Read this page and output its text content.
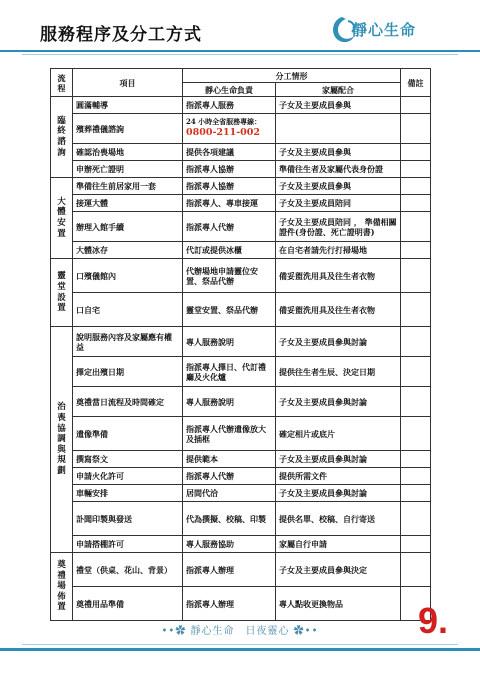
服務程序及分工方式	靜心生命
流程	項目	分工情形		備註
		靜心生命負責	家屬配合	
臨終諮詢	圓滿輔導	指派專人服務	子女及主要成員參與	
	殯葬禮儀諮詢	24 小時全省服務專線：
0800-211-002		

	確認治喪場地	提供各項建議	子女及主要成員參與	
	申辦死亡證明	指派專人協辦	準備往生者及家屬代表身份證	
大體安置	準備往生前居家用一套	指派專人協辦	子女及主要成員參與	
	接運大體	指派專人、專車接運	子女及主要成員陪同	
	辦理入館手續	指派專人代辦	子女及主要成員陪同 ， 準備相關證件(身份證、死亡證明書)	
	大體冰存	代訂或提供冰櫃	在自宅者請先行打掃場地	
靈堂設置	口殯儀館內	代辦場地申請靈位安置、祭品代辦	備妥盥洗用具及往生者衣物	
	口自宅	靈堂安置、祭品代辦	備妥盥洗用具及往生者衣物	
治喪協調與規劃	說明服務內容及家屬應有權益	專人服務說明	子女及主要成員參與討論	
	擇定出殯日期	指派專人擇日、代訂禮廳及火化爐	提供往生者生辰、決定日期	
	奠禮當日流程及時間確定	專人服務說明	子女及主要成員參與討論	
	遺像準備	指派專人代辦遺像放大及插框	確定相片或底片	
	撰寫祭文	提供範本	子女及主要成員參與討論	
	申請火化許可	指派專人代辦	提供所需文件	
	車輛安排	居間代洽	子女及主要成員參與討論	
	訃聞印製與發送	代為撰擬、校稿、印製	提供名單、校稿、自行寄送	
	申請搭棚許可	專人服務協助	家屬自行申請	
奠禮場佈置	禮堂（供桌、花山、背景）	指派專人辦理	子女及主要成員參與決定	
	奠禮用品準備	指派專人辦理	專人點收更換物品	9.
••✿ 靜心生命　日夜靈心 ✿••
